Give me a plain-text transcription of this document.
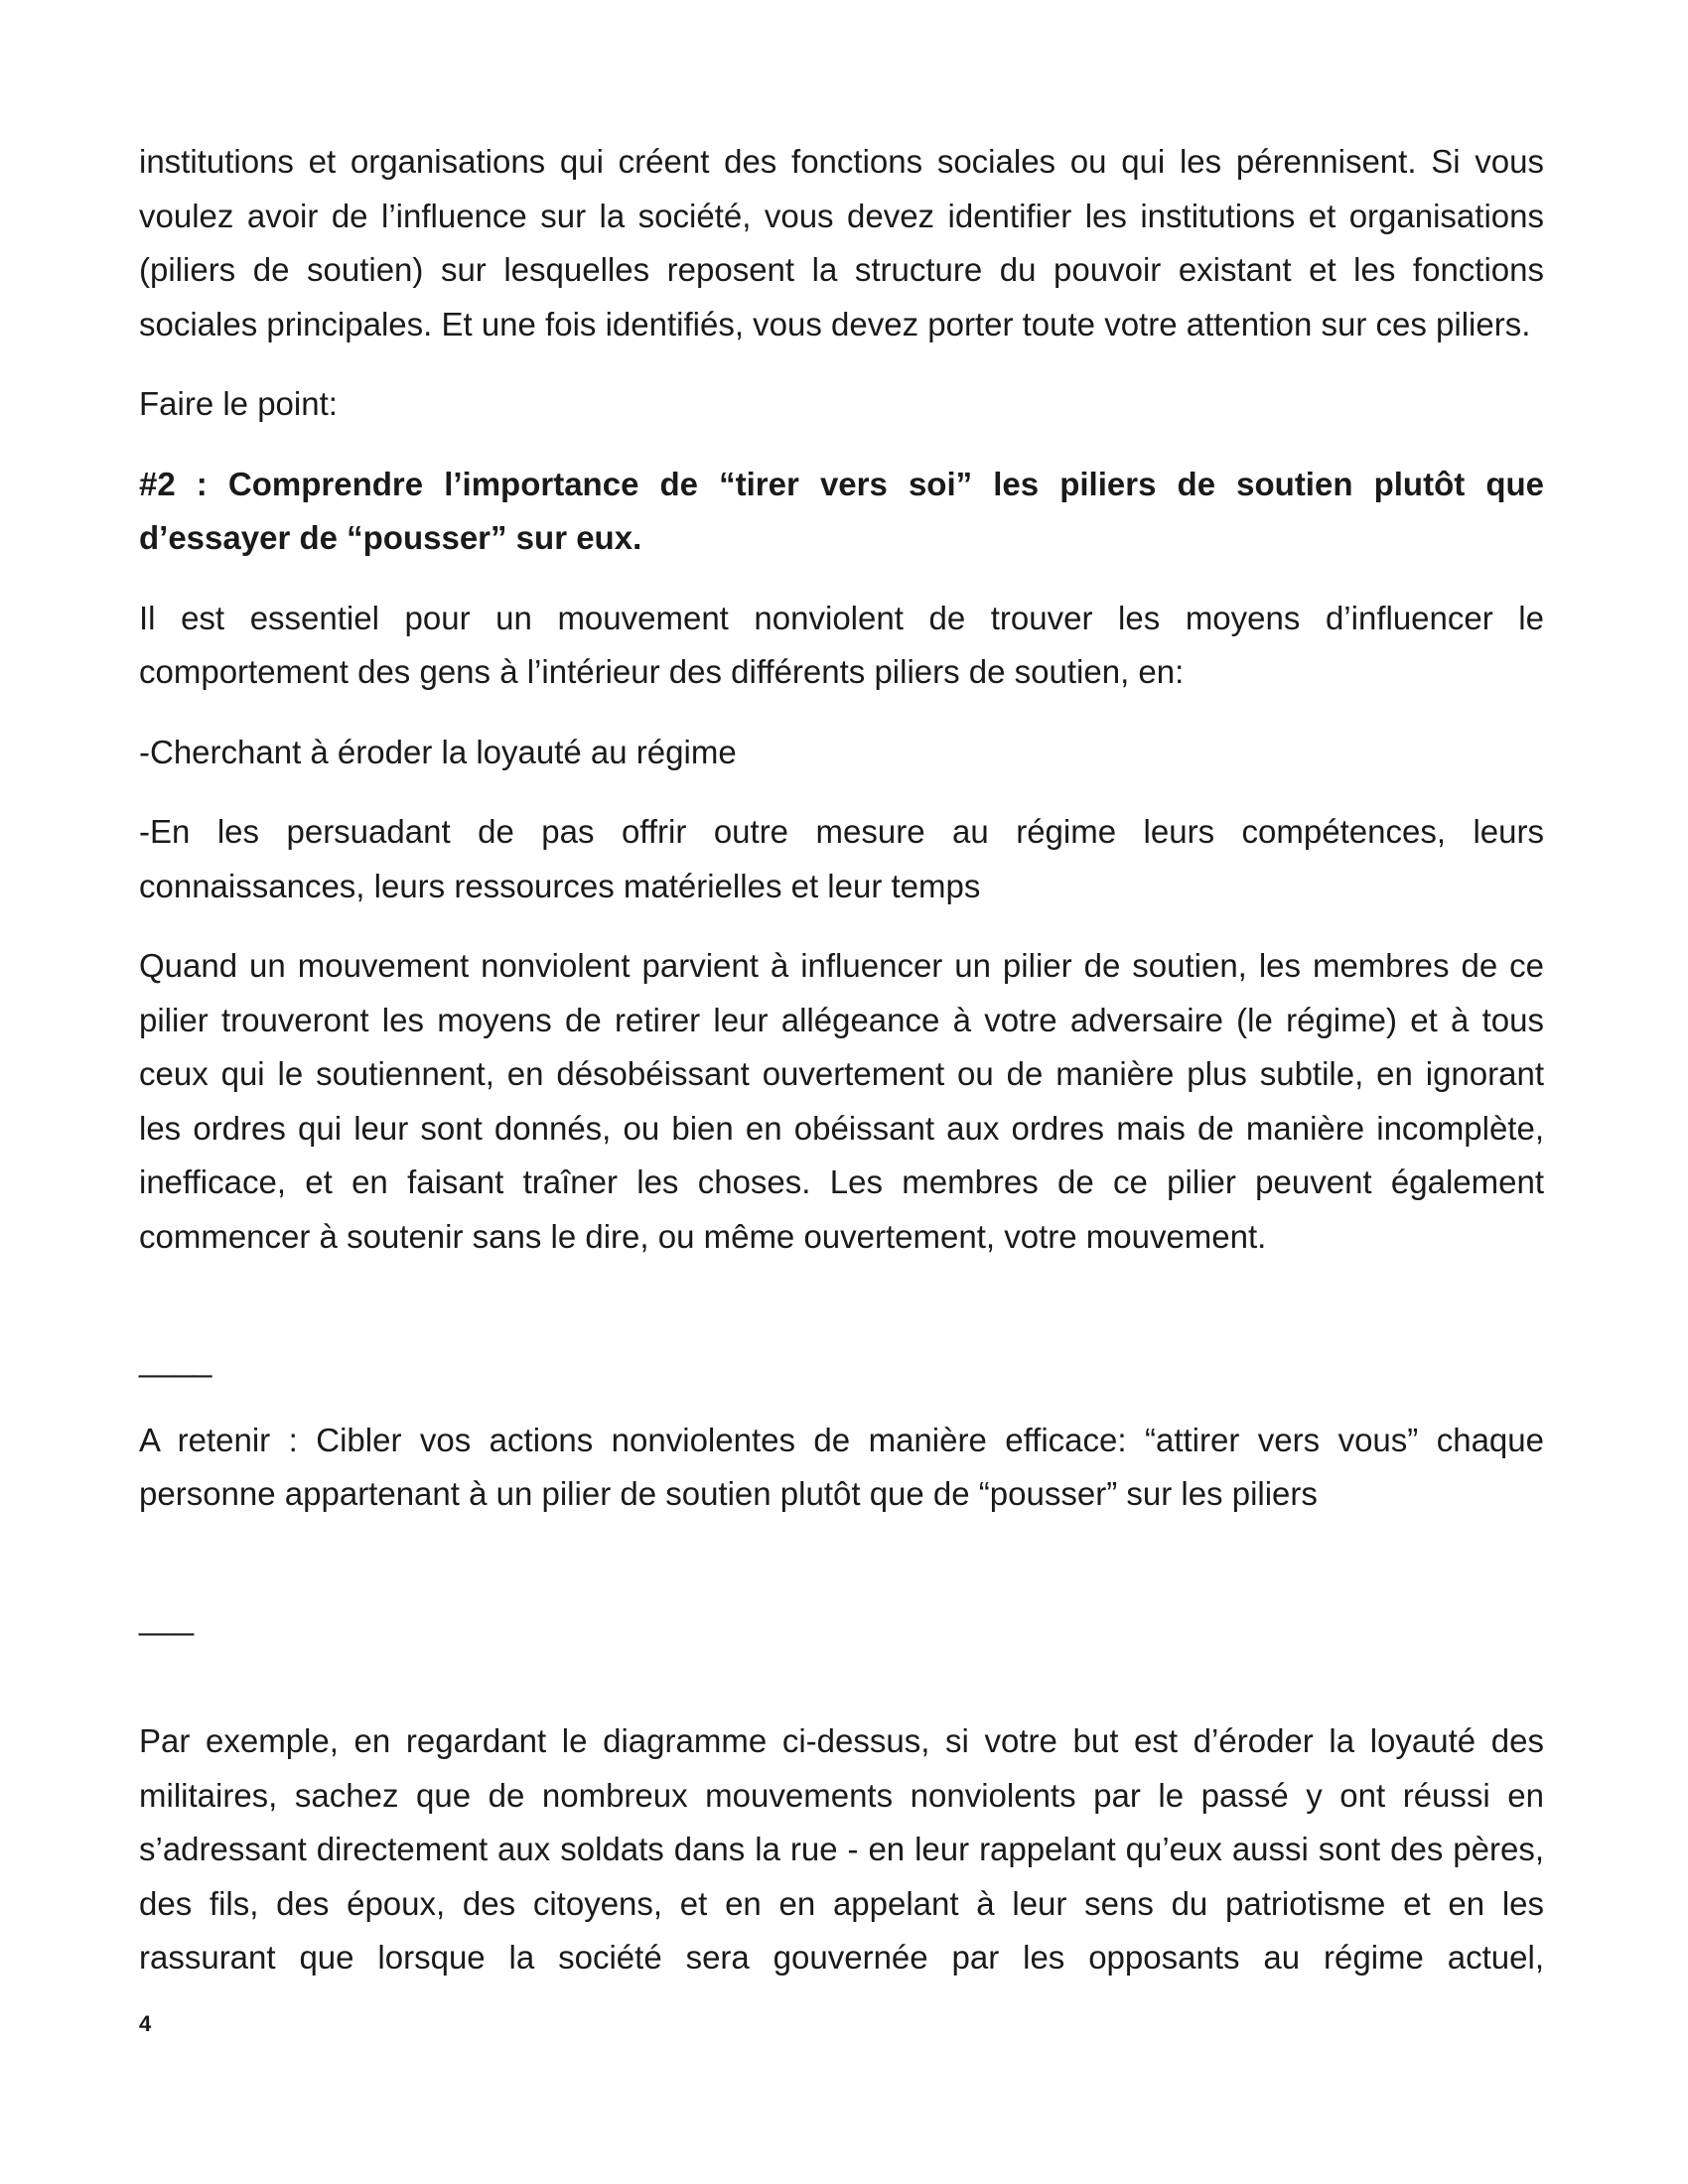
institutions et organisations qui créent des fonctions sociales ou qui les pérennisent. Si vous voulez avoir de l’influence sur la société, vous devez identifier les institutions et organisations (piliers de soutien) sur lesquelles reposent la structure du pouvoir existant et les fonctions sociales principales. Et une fois identifiés, vous devez porter toute votre attention sur ces piliers.

Faire le point:

#2 : Comprendre l’importance de “tirer vers soi” les piliers de soutien plutôt que d’essayer de “pousser” sur eux.

Il est essentiel pour un mouvement nonviolent de trouver les moyens d’influencer le comportement des gens à l’intérieur des différents piliers de soutien, en:

-Cherchant à éroder la loyauté au régime

-En les persuadant de pas offrir outre mesure au régime leurs compétences, leurs connaissances, leurs ressources matérielles et leur temps

Quand un mouvement nonviolent parvient à influencer un pilier de soutien, les membres de ce pilier trouveront les moyens de retirer leur allégeance à votre adversaire (le régime) et à tous ceux qui le soutiennent, en désobéissant ouvertement ou de manière plus subtile, en ignorant les ordres qui leur sont donnés, ou bien en obéissant aux ordres mais de manière incomplète, inefficace, et en faisant traîner les choses. Les membres de ce pilier peuvent également commencer à soutenir sans le dire, ou même ouvertement, votre mouvement.

____

A retenir : Cibler vos actions nonviolentes de manière efficace: “attirer vers vous” chaque personne appartenant à un pilier de soutien plutôt que de “pousser” sur les piliers

___

Par exemple, en regardant le diagramme ci-dessus, si votre but est d’éroder la loyauté des militaires, sachez que de nombreux mouvements nonviolents par le passé y ont réussi en s’adressant directement aux soldats dans la rue - en leur rappelant qu’eux aussi sont des pères, des fils, des époux, des citoyens, et en en appelant à leur sens du patriotisme et en les rassurant que lorsque la société sera gouvernée par les opposants au régime actuel,

4
